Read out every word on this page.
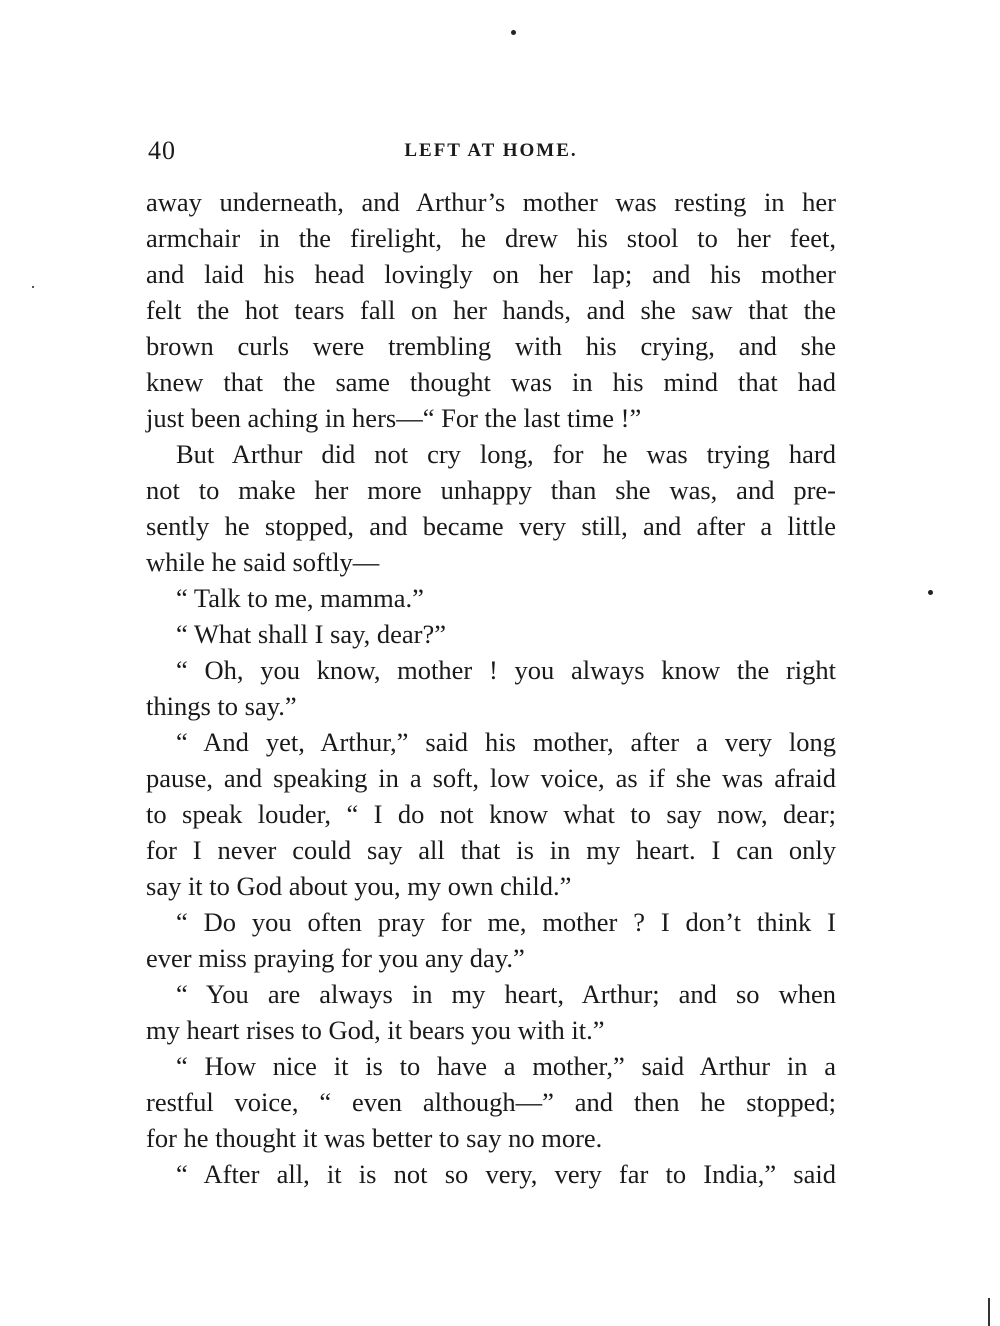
40	LEFT AT HOME.
away underneath, and Arthur’s mother was resting in her
armchair in the firelight, he drew his stool to her feet,
and laid his head lovingly on her lap; and his mother
felt the hot tears fall on her hands, and she saw that the
brown curls were trembling with his crying, and she
knew that the same thought was in his mind that had
just been aching in hers—“ For the last time !”
But Arthur did not cry long, for he was trying hard
not to make her more unhappy than she was, and pre-
sently he stopped, and became very still, and after a little
while he said softly—
“ Talk to me, mamma.”
“ What shall I say, dear?”
“ Oh, you know, mother ! you always know the right
things to say.”
“ And yet, Arthur,” said his mother, after a very long
pause, and speaking in a soft, low voice, as if she was afraid
to speak louder, “ I do not know what to say now, dear;
for I never could say all that is in my heart. I can only
say it to God about you, my own child.”
“ Do you often pray for me, mother ? I don’t think I
ever miss praying for you any day.”
“ You are always in my heart, Arthur; and so when
my heart rises to God, it bears you with it.”
“ How nice it is to have a mother,” said Arthur in a
restful voice, “ even although—” and then he stopped;
for he thought it was better to say no more.
“ After all, it is not so very, very far to India,” said
